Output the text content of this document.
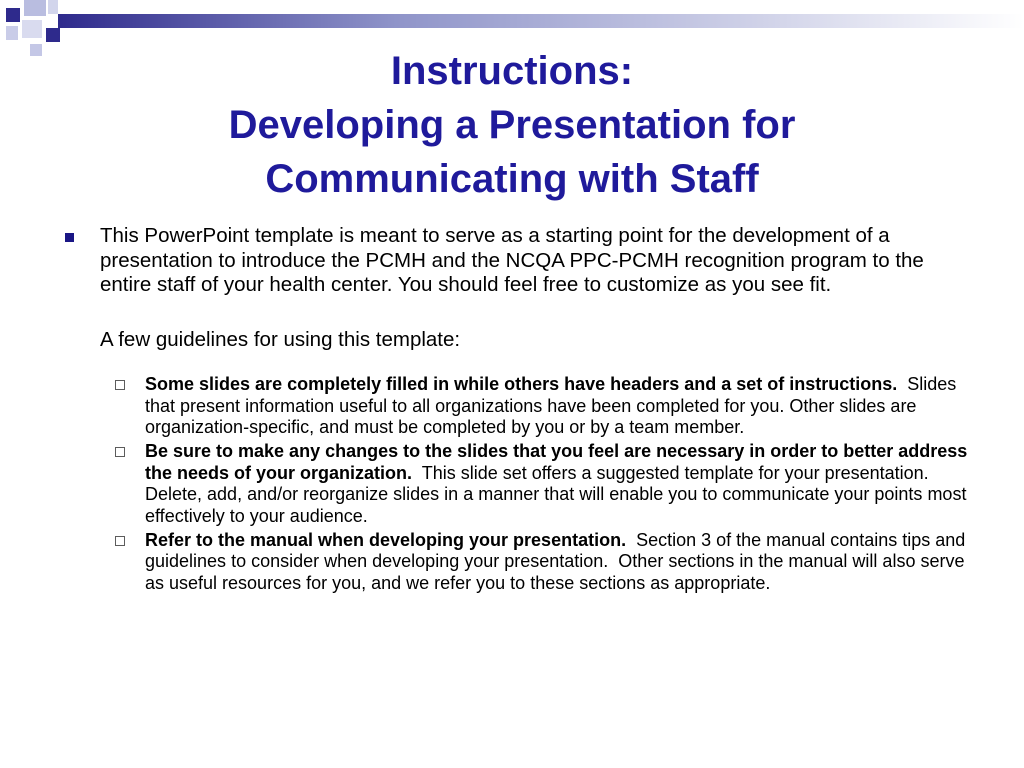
Instructions:
Developing a Presentation for
Communicating with Staff

This PowerPoint template is meant to serve as a starting point for the development of a presentation to introduce the PCMH and the NCQA PPC-PCMH recognition program to the entire staff of your health center. You should feel free to customize as you see fit.

A few guidelines for using this template:

Some slides are completely filled in while others have headers and a set of instructions.  Slides that present information useful to all organizations have been completed for you. Other slides are organization-specific, and must be completed by you or by a team member.
Be sure to make any changes to the slides that you feel are necessary in order to better address the needs of your organization.  This slide set offers a suggested template for your presentation. Delete, add, and/or reorganize slides in a manner that will enable you to communicate your points most effectively to your audience.
Refer to the manual when developing your presentation.  Section 3 of the manual contains tips and guidelines to consider when developing your presentation.  Other sections in the manual will also serve as useful resources for you, and we refer you to these sections as appropriate.
